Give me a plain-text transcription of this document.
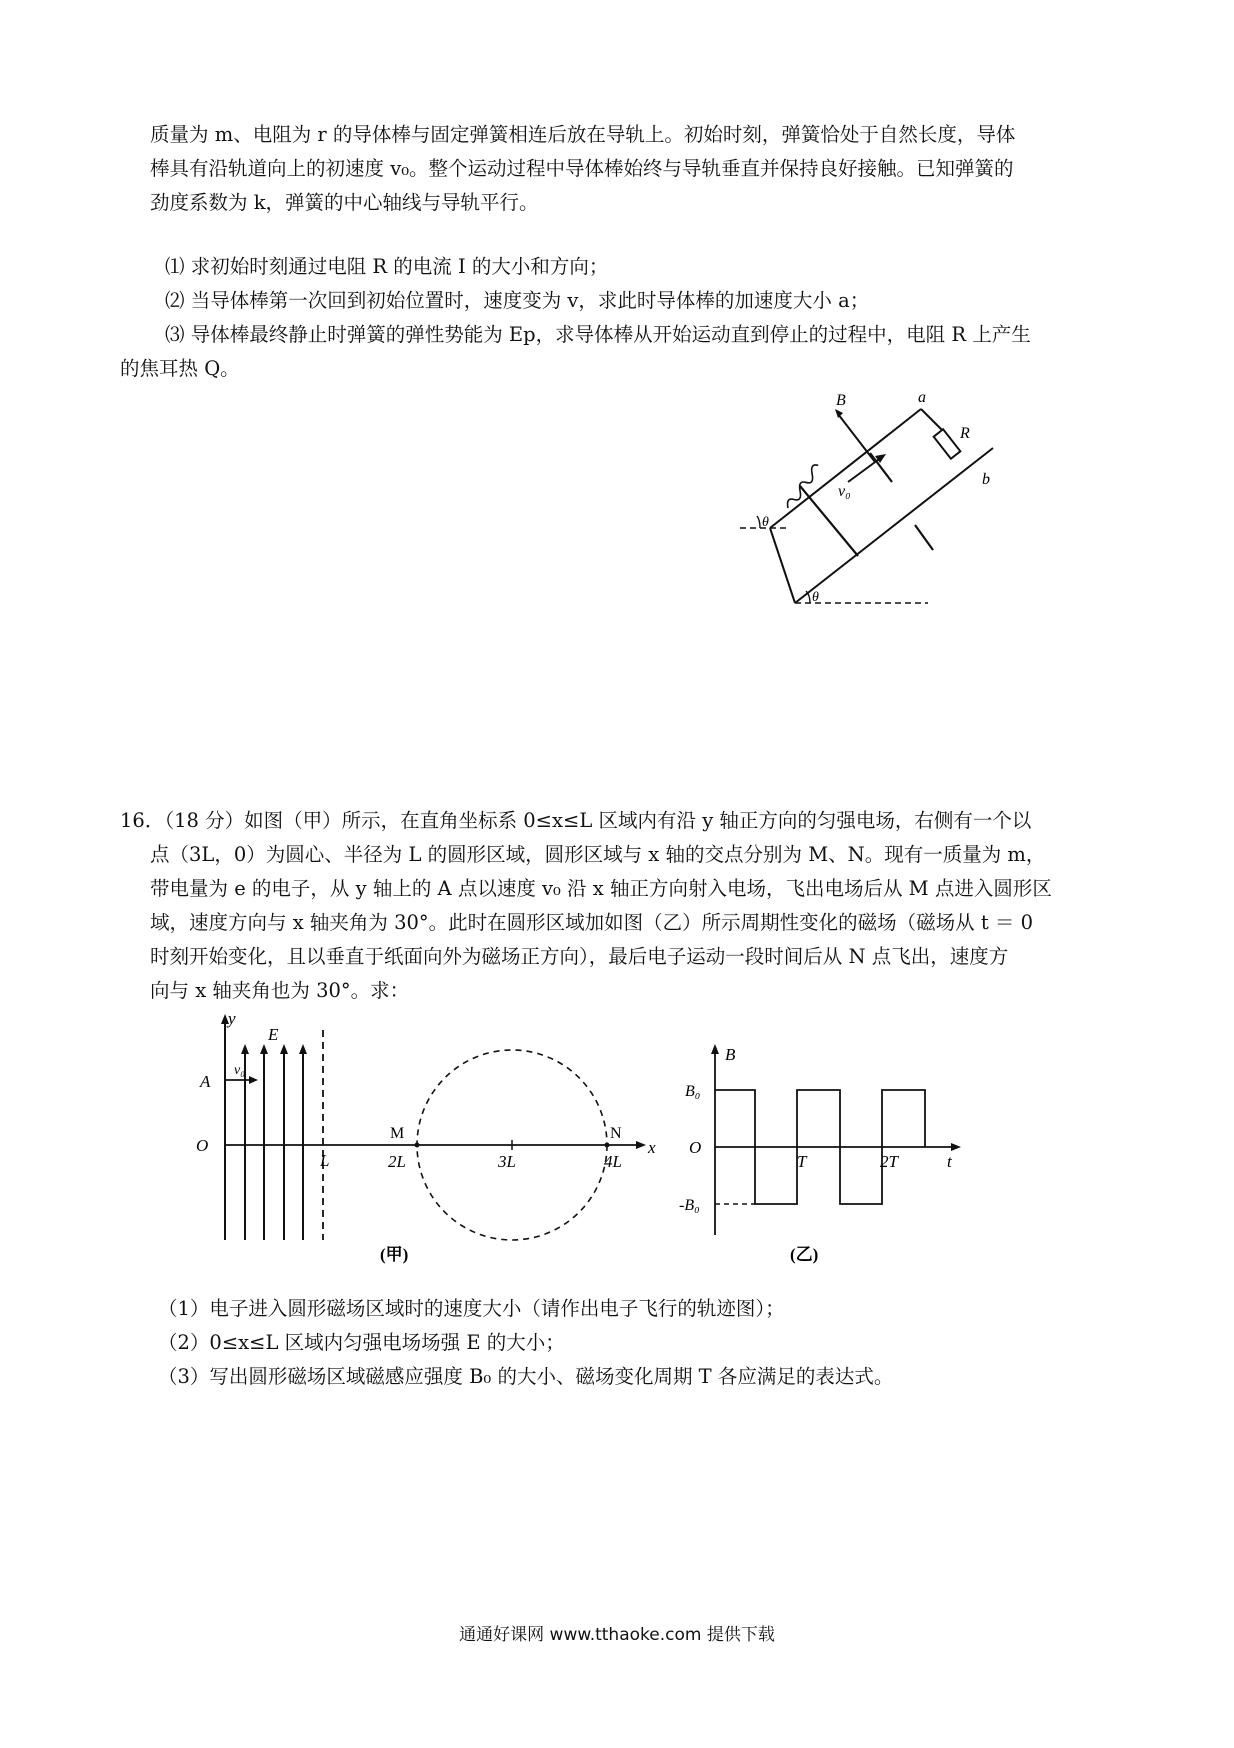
质量为 m、电阻为 r 的导体棒与固定弹簧相连后放在导轨上。初始时刻，弹簧恰处于自然长度，导体
棒具有沿轨道向上的初速度 v₀。整个运动过程中导体棒始终与导轨垂直并保持良好接触。已知弹簧的
劲度系数为 k，弹簧的中心轴线与导轨平行。
⑴ 求初始时刻通过电阻 R 的电流 I 的大小和方向；
⑵ 当导体棒第一次回到初始位置时，速度变为 v，求此时导体棒的加速度大小 a；
⑶ 导体棒最终静止时弹簧的弹性势能为 Ep，求导体棒从开始运动直到停止的过程中，电阻 R 上产生
的焦耳热 Q。
B	a
R
b
v₀
θ
θ
16．（18 分）如图（甲）所示，在直角坐标系 0≤x≤L 区域内有沿 y 轴正方向的匀强电场，右侧有一个以
点（3L，0）为圆心、半径为 L 的圆形区域，圆形区域与 x 轴的交点分别为 M、N。现有一质量为 m，
带电量为 e 的电子，从 y 轴上的 A 点以速度 v₀ 沿 x 轴正方向射入电场，飞出电场后从 M 点进入圆形区
域，速度方向与 x 轴夹角为 30°。此时在圆形区域加如图（乙）所示周期性变化的磁场（磁场从 t ＝ 0
时刻开始变化，且以垂直于纸面向外为磁场正方向），最后电子运动一段时间后从 N 点飞出，速度方
向与 x 轴夹角也为 30°。求：
y
E
A
v₀
O
L
M
2L	3L
N
4L
x
(甲)
B
B₀
O
-B₀
T	2T	t
(乙)
（1）电子进入圆形磁场区域时的速度大小（请作出电子飞行的轨迹图）；
（2）0≤x≤L 区域内匀强电场场强 E 的大小；
（3）写出圆形磁场区域磁感应强度 B₀ 的大小、磁场变化周期 T 各应满足的表达式。
通通好课网 www.tthaoke.com 提供下载
